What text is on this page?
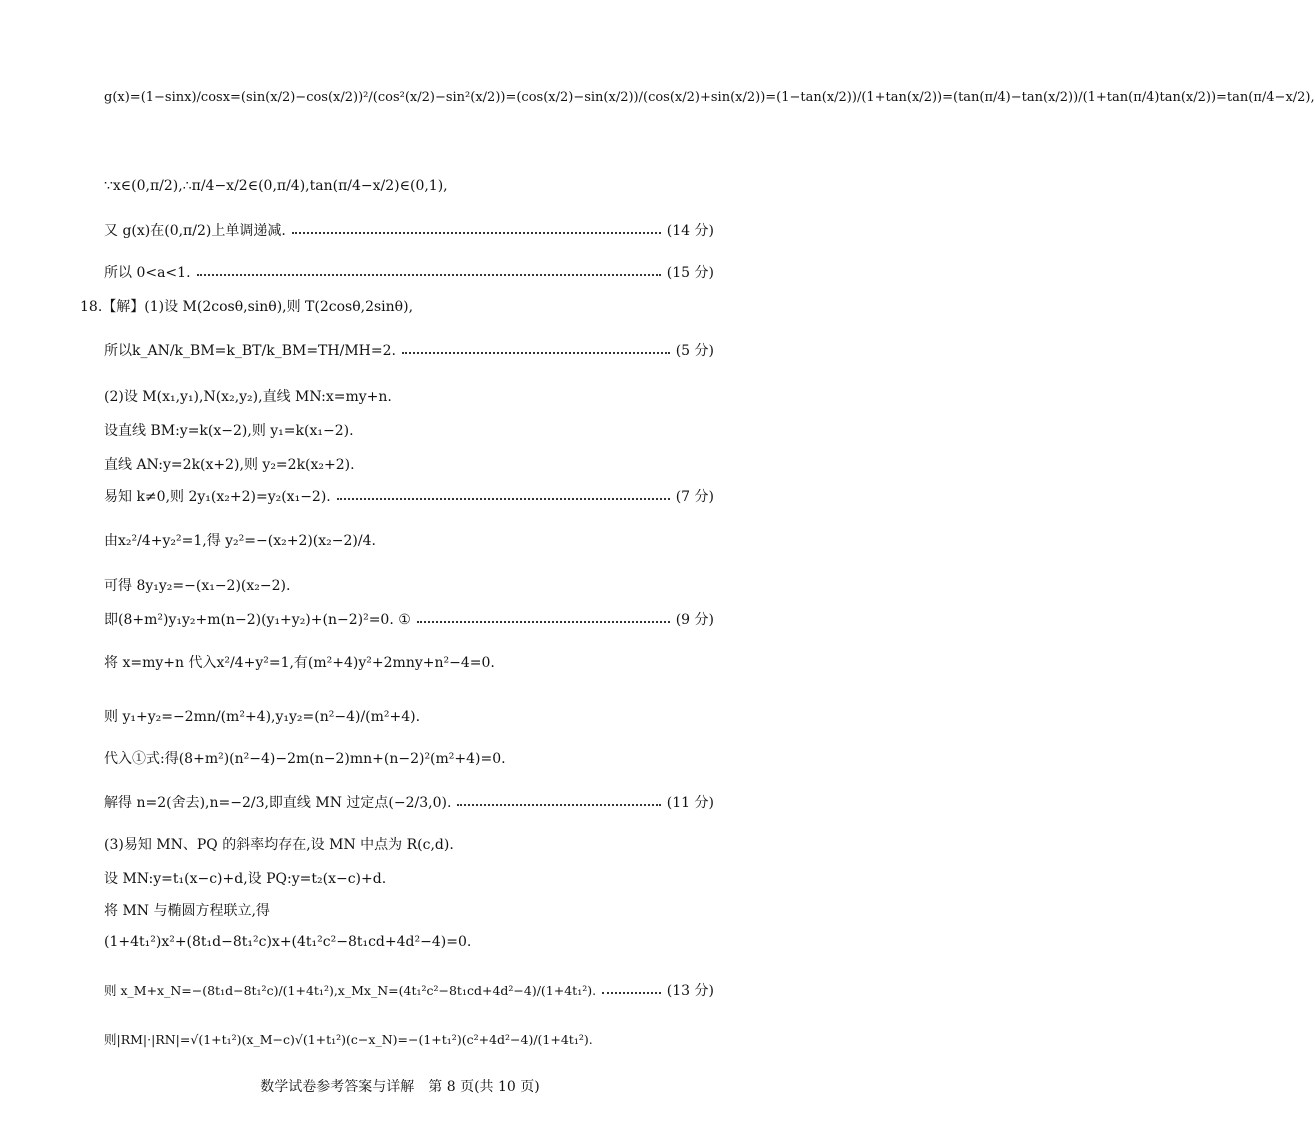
g(x)=(1−sinx)/cosx=(sin(x/2)−cos(x/2))²/(cos²(x/2)−sin²(x/2))=(cos(x/2)−sin(x/2))/(cos(x/2)+sin(x/2))=(1−tan(x/2))/(1+tan(x/2))=(tan(π/4)−tan(x/2))/(1+tan(π/4)tan(x/2))=tan(π/4−x/2),
∵x∈(0,π/2),∴π/4−x/2∈(0,π/4),tan(π/4−x/2)∈(0,1),
又 g(x)在(0,π/2)上单调递减.	(14 分)
所以 0<a<1.	(15 分)
18.【解】(1)设 M(2cosθ,sinθ),则 T(2cosθ,2sinθ),
所以k_AN/k_BM=k_BT/k_BM=TH/MH=2.	(5 分)
(2)设 M(x₁,y₁),N(x₂,y₂),直线 MN:x=my+n.
设直线 BM:y=k(x−2),则 y₁=k(x₁−2).
直线 AN:y=2k(x+2),则 y₂=2k(x₂+2).
易知 k≠0,则 2y₁(x₂+2)=y₂(x₁−2).	(7 分)
由x₂²/4+y₂²=1,得 y₂²=−(x₂+2)(x₂−2)/4.
可得 8y₁y₂=−(x₁−2)(x₂−2).
即(8+m²)y₁y₂+m(n−2)(y₁+y₂)+(n−2)²=0. ①	(9 分)
将 x=my+n 代入x²/4+y²=1,有(m²+4)y²+2mny+n²−4=0.
则 y₁+y₂=−2mn/(m²+4),y₁y₂=(n²−4)/(m²+4).
代入①式:得(8+m²)(n²−4)−2m(n−2)mn+(n−2)²(m²+4)=0.
解得 n=2(舍去),n=−2/3,即直线 MN 过定点(−2/3,0).	(11 分)
(3)易知 MN、PQ 的斜率均存在,设 MN 中点为 R(c,d).
设 MN:y=t₁(x−c)+d,设 PQ:y=t₂(x−c)+d.
将 MN 与椭圆方程联立,得
(1+4t₁²)x²+(8t₁d−8t₁²c)x+(4t₁²c²−8t₁cd+4d²−4)=0.
则 x_M+x_N=−(8t₁d−8t₁²c)/(1+4t₁²),x_Mx_N=(4t₁²c²−8t₁cd+4d²−4)/(1+4t₁²).	(13 分)
则|RM|·|RN|=√(1+t₁²)(x_M−c)√(1+t₁²)(c−x_N)=−(1+t₁²)(c²+4d²−4)/(1+4t₁²).
数学试卷参考答案与详解　第 8 页(共 10 页)
